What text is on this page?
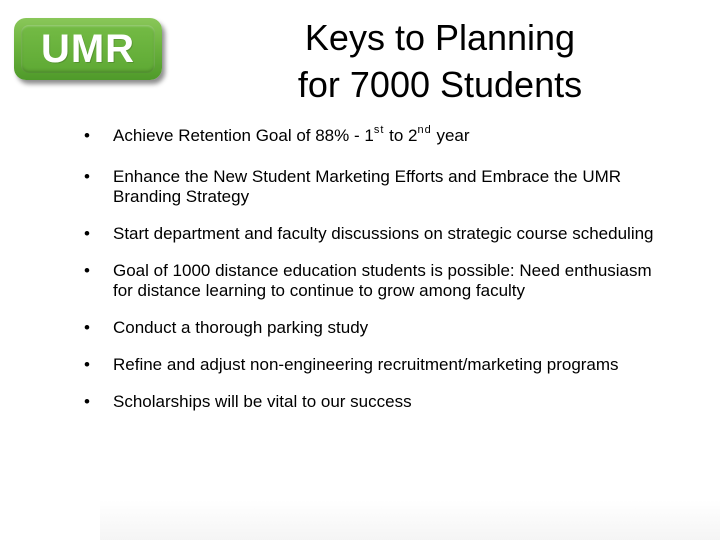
UMR	Keys to Planning
for 7000 Students
•	Achieve Retention Goal of 88% - 1st to 2nd year
•	Enhance the New Student Marketing Efforts and Embrace the UMR Branding Strategy
•	Start department and faculty discussions on strategic course scheduling
•	Goal of 1000 distance education students is possible: Need enthusiasm for distance learning to continue to grow among faculty
•	Conduct a thorough parking study
•	Refine and adjust non-engineering recruitment/marketing programs
•	Scholarships will be vital to our success
